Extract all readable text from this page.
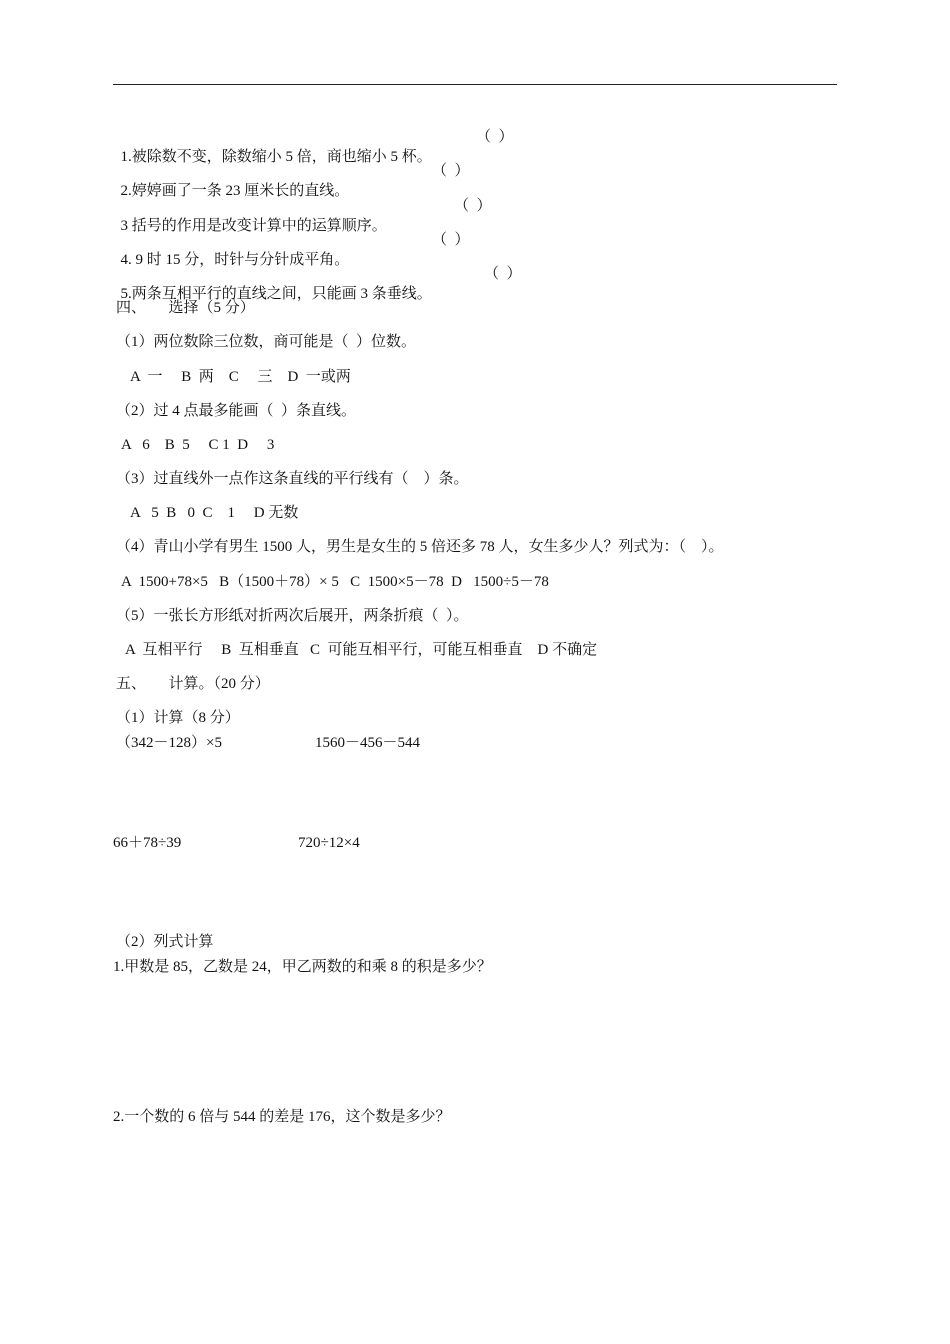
1.被除数不变，除数缩小 5 倍，商也缩小 5 杯。

（  ）

2.婷婷画了一条 23 厘米长的直线。

（  ）

3 括号的作用是改变计算中的运算顺序。

（  ）

4. 9 时 15 分，时针与分针成平角。

（  ）

5.两条互相平行的直线之间，只能画 3 条垂线。

（  ）
四、      选择（5 分）
（1）两位数除三位数，商可能是（  ）位数。
A  一     B  两    C     三    D  一或两
（2）过 4 点最多能画（  ）条直线。
A   6    B  5     C 1  D     3
（3）过直线外一点作这条直线的平行线有（    ）条。
A   5  B   0  C    1     D 无数
（4）青山小学有男生 1500 人，男生是女生的 5 倍还多 78 人，女生多少人？列式为：（    ）。
A  1500+78×5   B（1500＋78）× 5   C  1500×5－78  D   1500÷5－78
（5）一张长方形纸对折两次后展开，两条折痕（  ）。
A  互相平行     B  互相垂直   C  可能互相平行，可能互相垂直    D 不确定
五、      计算。（20 分）
（1）计算（8 分）
（342－128）×5	1560－456－544
66＋78÷39	720÷12×4
（2）列式计算
1.甲数是 85，乙数是 24，甲乙两数的和乘 8 的积是多少？
2.一个数的 6 倍与 544 的差是 176，这个数是多少？
